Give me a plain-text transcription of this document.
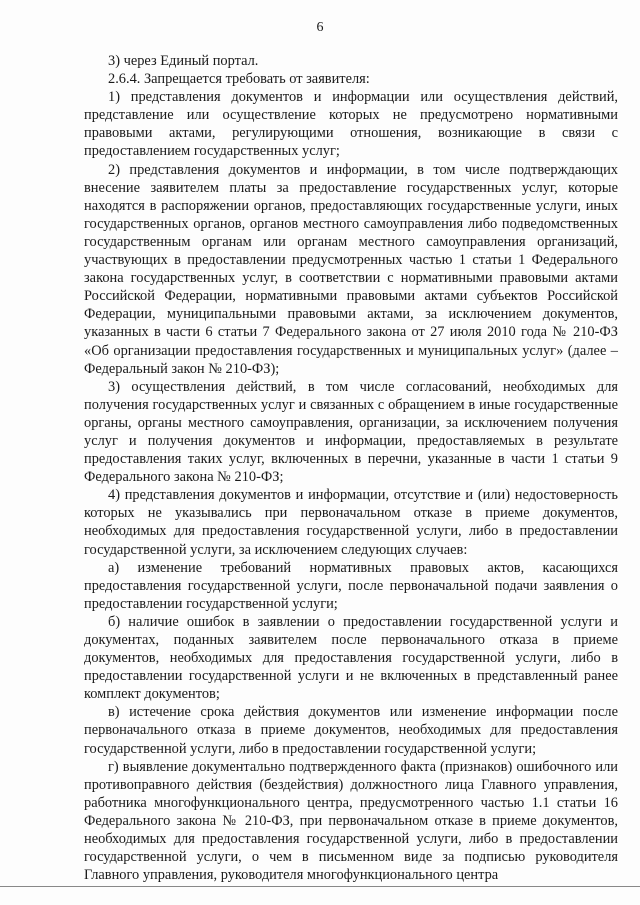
6

3) через Единый портал.

2.6.4. Запрещается требовать от заявителя:

1) представления документов и информации или осуществления действий, представление или осуществление которых не предусмотрено нормативными правовыми актами, регулирующими отношения, возникающие в связи с предоставлением государственных услуг;

2) представления документов и информации, в том числе подтверждающих внесение заявителем платы за предоставление государственных услуг, которые находятся в распоряжении органов, предоставляющих государственные услуги, иных государственных органов, органов местного самоуправления либо подведомственных государственным органам или органам местного самоуправления организаций, участвующих в предоставлении предусмотренных частью 1 статьи 1 Федерального закона государственных услуг, в соответствии с нормативными правовыми актами Российской Федерации, нормативными правовыми актами субъектов Российской Федерации, муниципальными правовыми актами, за исключением документов, указанных в части 6 статьи 7 Федерального закона от 27 июля 2010 года № 210-ФЗ «Об организации предоставления государственных и муниципальных услуг» (далее – Федеральный закон № 210-ФЗ);

3) осуществления действий, в том числе согласований, необходимых для получения государственных услуг и связанных с обращением в иные государственные органы, органы местного самоуправления, организации, за исключением получения услуг и получения документов и информации, предоставляемых в результате предоставления таких услуг, включенных в перечни, указанные в части 1 статьи 9 Федерального закона № 210-ФЗ;

4) представления документов и информации, отсутствие и (или) недостоверность которых не указывались при первоначальном отказе в приеме документов, необходимых для предоставления государственной услуги, либо в предоставлении государственной услуги, за исключением следующих случаев:

а) изменение требований нормативных правовых актов, касающихся предоставления государственной услуги, после первоначальной подачи заявления о предоставлении государственной услуги;

б) наличие ошибок в заявлении о предоставлении государственной услуги и документах, поданных заявителем после первоначального отказа в приеме документов, необходимых для предоставления государственной услуги, либо в предоставлении государственной услуги и не включенных в представленный ранее комплект документов;

в) истечение срока действия документов или изменение информации после первоначального отказа в приеме документов, необходимых для предоставления государственной услуги, либо в предоставлении государственной услуги;

г) выявление документально подтвержденного факта (признаков) ошибочного или противоправного действия (бездействия) должностного лица Главного управления, работника многофункционального центра, предусмотренного частью 1.1 статьи 16 Федерального закона № 210-ФЗ, при первоначальном отказе в приеме документов, необходимых для предоставления государственной услуги, либо в предоставлении государственной услуги, о чем в письменном виде за подписью руководителя Главного управления, руководителя многофункционального центра
